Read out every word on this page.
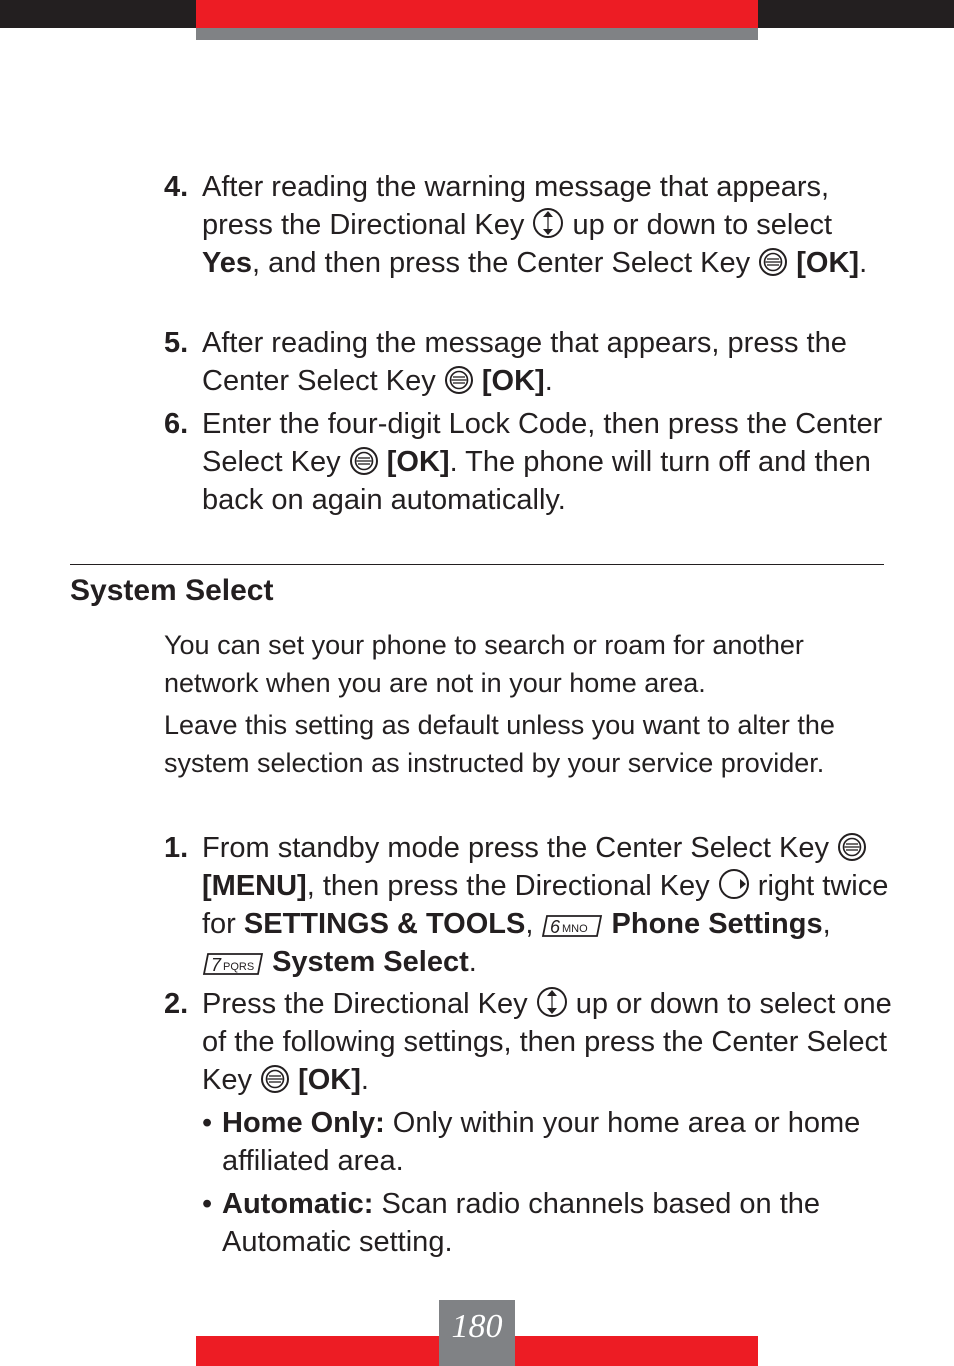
4. After reading the warning message that appears, press the Directional Key
up or down to select Yes, and then press the Center Select Key
[OK].
5. After reading the message that appears, press the Center Select Key
[OK].
6. Enter the four-digit Lock Code, then press the Center Select Key
[OK]. The phone will turn off and then back on again automatically.
System Select
You can set your phone to search or roam for another network when you are not in your home area.
Leave this setting as default unless you want to alter the system selection as instructed by your service provider.
1. From standby mode press the Center Select Key
[MENU], then press the Directional Key
right twice for SETTINGS & TOOLS, 6 MNO Phone Settings,
7 PQRS System Select.
2. Press the Directional Key
up or down to select one of the following settings, then press the Center Select Key
[OK].
• Home Only: Only within your home area or home affiliated area.
• Automatic: Scan radio channels based on the Automatic setting.
180
